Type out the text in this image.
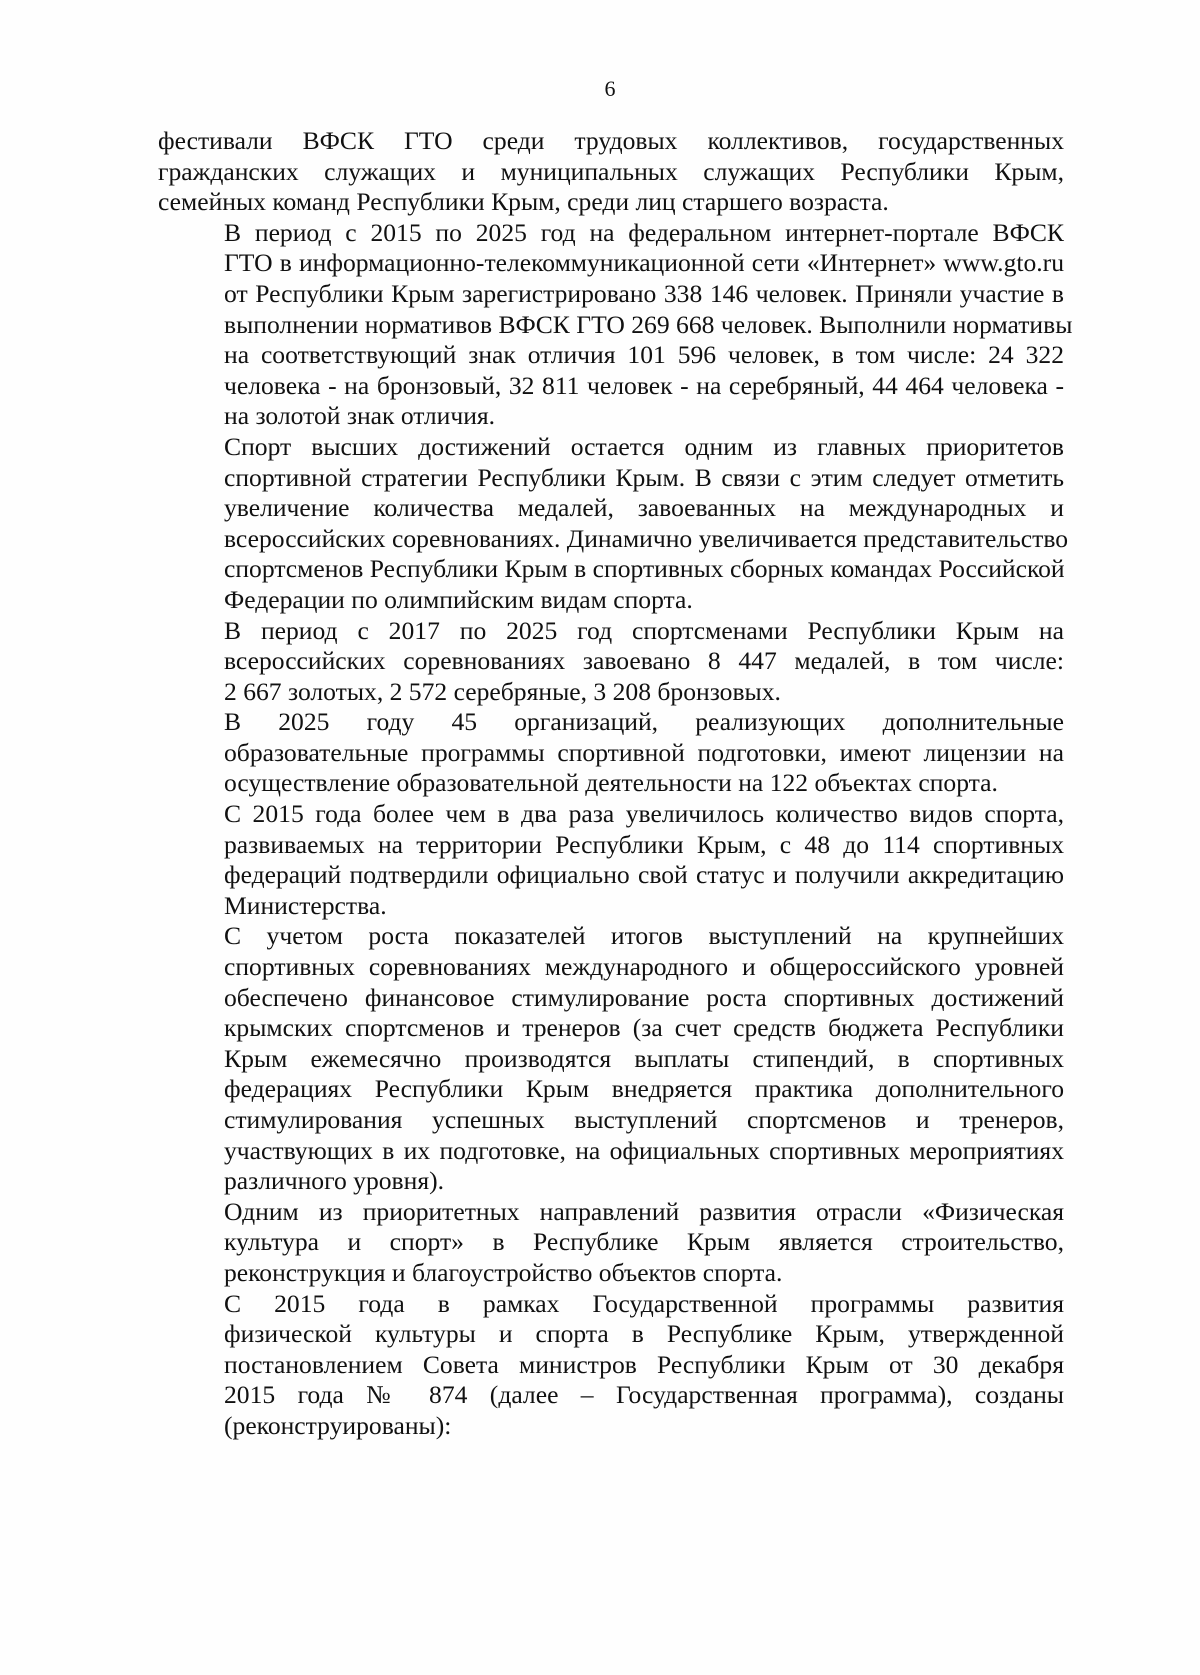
6

фестивали ВФСК ГТО среди трудовых коллективов, государственных
гражданских служащих и муниципальных служащих Республики Крым,
семейных команд Республики Крым, среди лиц старшего возраста.

В период с 2015 по 2025 год на федеральном интернет-портале ВФСК
ГТО в информационно-телекоммуникационной сети «Интернет» www.gto.ru
от Республики Крым зарегистрировано 338 146 человек. Приняли участие в
выполнении нормативов ВФСК ГТО 269 668 человек. Выполнили нормативы
на соответствующий знак отличия 101 596 человек, в том числе: 24 322
человека - на бронзовый, 32 811 человек - на серебряный, 44 464 человека -
на золотой знак отличия.

Спорт высших достижений остается одним из главных приоритетов
спортивной стратегии Республики Крым. В связи с этим следует отметить
увеличение количества медалей, завоеванных на международных и
всероссийских соревнованиях. Динамично увеличивается представительство
спортсменов Республики Крым в спортивных сборных командах Российской
Федерации по олимпийским видам спорта.

В период с 2017 по 2025 год спортсменами Республики Крым на
всероссийских соревнованиях завоевано 8 447 медалей, в том числе:
2 667 золотых, 2 572 серебряные, 3 208 бронзовых.

В 2025 году 45 организаций, реализующих дополнительные
образовательные программы спортивной подготовки, имеют лицензии на
осуществление образовательной деятельности на 122 объектах спорта.

С 2015 года более чем в два раза увеличилось количество видов спорта,
развиваемых на территории Республики Крым, с 48 до 114 спортивных
федераций подтвердили официально свой статус и получили аккредитацию
Министерства.

С учетом роста показателей итогов выступлений на крупнейших
спортивных соревнованиях международного и общероссийского уровней
обеспечено финансовое стимулирование роста спортивных достижений
крымских спортсменов и тренеров (за счет средств бюджета Республики
Крым ежемесячно производятся выплаты стипендий, в спортивных
федерациях Республики Крым внедряется практика дополнительного
стимулирования успешных выступлений спортсменов и тренеров,
участвующих в их подготовке, на официальных спортивных мероприятиях
различного уровня).

Одним из приоритетных направлений развития отрасли «Физическая
культура и спорт» в Республике Крым является строительство,
реконструкция и благоустройство объектов спорта.

С 2015 года в рамках Государственной программы развития
физической культуры и спорта в Республике Крым, утвержденной
постановлением Совета министров Республики Крым от 30 декабря
2015 года № 874 (далее – Государственная программа), созданы
(реконструированы):
